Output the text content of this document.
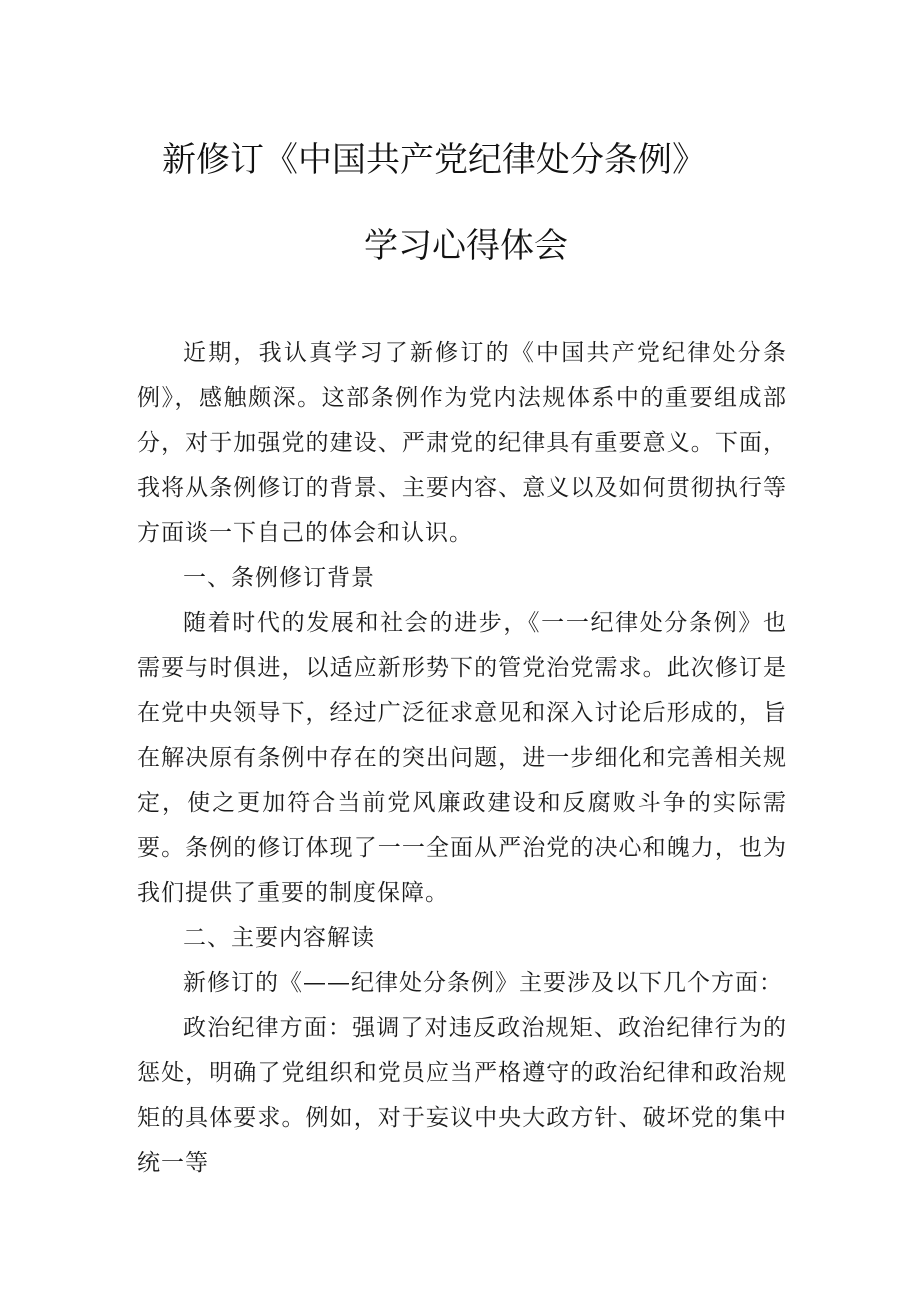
新修订《中国共产党纪律处分条例》
学习心得体会

近期，我认真学习了新修订的《中国共产党纪律处分条例》，感触颇深。这部条例作为党内法规体系中的重要组成部分，对于加强党的建设、严肃党的纪律具有重要意义。下面，我将从条例修订的背景、主要内容、意义以及如何贯彻执行等方面谈一下自己的体会和认识。

一、条例修订背景

随着时代的发展和社会的进步，《一一纪律处分条例》也需要与时俱进，以适应新形势下的管党治党需求。此次修订是在党中央领导下，经过广泛征求意见和深入讨论后形成的，旨在解决原有条例中存在的突出问题，进一步细化和完善相关规定，使之更加符合当前党风廉政建设和反腐败斗争的实际需要。条例的修订体现了一一全面从严治党的决心和魄力，也为我们提供了重要的制度保障。

二、主要内容解读

新修订的《——纪律处分条例》主要涉及以下几个方面：

政治纪律方面：强调了对违反政治规矩、政治纪律行为的惩处，明确了党组织和党员应当严格遵守的政治纪律和政治规矩的具体要求。例如，对于妄议中央大政方针、破坏党的集中统一等
